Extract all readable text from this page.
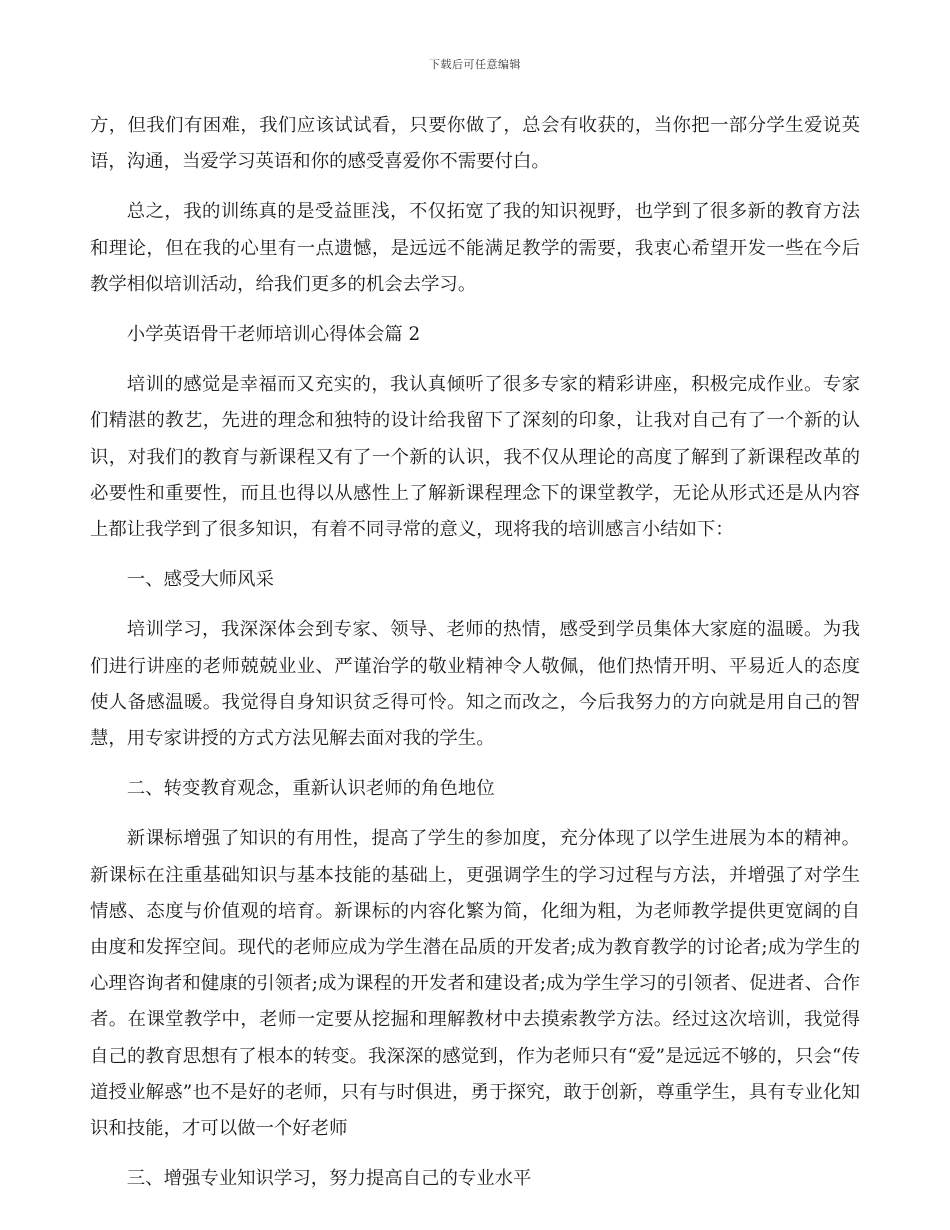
下载后可任意编辑

方，但我们有困难，我们应该试试看，只要你做了，总会有收获的，当你把一部分学生爱说英语，沟通，当爱学习英语和你的感受喜爱你不需要付白。

总之，我的训练真的是受益匪浅，不仅拓宽了我的知识视野，也学到了很多新的教育方法和理论，但在我的心里有一点遗憾，是远远不能满足教学的需要，我衷心希望开发一些在今后教学相似培训活动，给我们更多的机会去学习。

小学英语骨干老师培训心得体会篇 2

培训的感觉是幸福而又充实的，我认真倾听了很多专家的精彩讲座，积极完成作业。专家们精湛的教艺，先进的理念和独特的设计给我留下了深刻的印象，让我对自己有了一个新的认识，对我们的教育与新课程又有了一个新的认识，我不仅从理论的高度了解到了新课程改革的必要性和重要性，而且也得以从感性上了解新课程理念下的课堂教学，无论从形式还是从内容上都让我学到了很多知识，有着不同寻常的意义，现将我的培训感言小结如下：

一、感受大师风采

培训学习，我深深体会到专家、领导、老师的热情，感受到学员集体大家庭的温暖。为我们进行讲座的老师兢兢业业、严谨治学的敬业精神令人敬佩，他们热情开明、平易近人的态度使人备感温暖。我觉得自身知识贫乏得可怜。知之而改之，今后我努力的方向就是用自己的智慧，用专家讲授的方式方法见解去面对我的学生。

二、转变教育观念，重新认识老师的角色地位

新课标增强了知识的有用性，提高了学生的参加度，充分体现了以学生进展为本的精神。新课标在注重基础知识与基本技能的基础上，更强调学生的学习过程与方法，并增强了对学生情感、态度与价值观的培育。新课标的内容化繁为简，化细为粗，为老师教学提供更宽阔的自由度和发挥空间。现代的老师应成为学生潜在品质的开发者;成为教育教学的讨论者;成为学生的心理咨询者和健康的引领者;成为课程的开发者和建设者;成为学生学习的引领者、促进者、合作者。在课堂教学中，老师一定要从挖掘和理解教材中去摸索教学方法。经过这次培训，我觉得自己的教育思想有了根本的转变。我深深的感觉到，作为老师只有“爱”是远远不够的，只会“传道授业解惑”也不是好的老师，只有与时俱进，勇于探究，敢于创新，尊重学生，具有专业化知识和技能，才可以做一个好老师

三、增强专业知识学习，努力提高自己的专业水平
